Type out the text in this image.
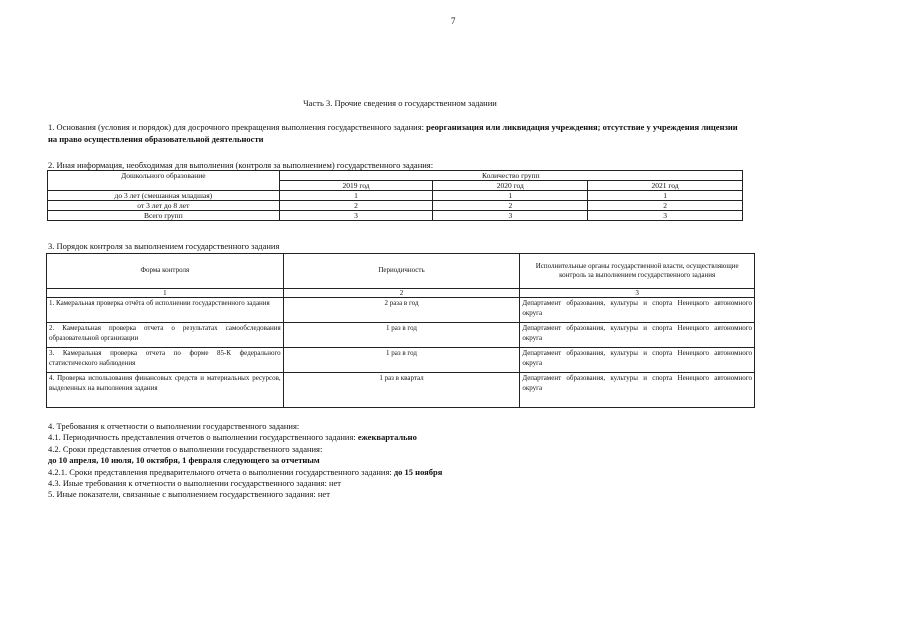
7
Часть 3. Прочие сведения о государственном задании
1. Основания (условия и порядок) для досрочного прекращения выполнения государственного задания: реорганизация или ликвидация учреждения; отсутствие у учреждения лицензии на право осуществления образовательной деятельности
2. Иная информация, необходимая для выполнения (контроля за выполнением) государственного задания:
Дошкольного образование	Количество групп		
	2019 год	2020 год	2021 год
до 3 лет (смешанная младшая)	1	1	1
от 3 лет до 8 лет	2	2	2
Всего групп	3	3	3
3. Порядок контроля за выполнением государственного задания
Форма контроля	Периодичность	Исполнительные органы государственной власти, осуществляющие контроль за выполнением государственного задания
1	2	3
1. Камеральная проверка отчёта об исполнении государственного задания	2 раза в год	Департамент образования, культуры и спорта Ненецкого автономного округа
2. Камеральная проверка отчета о результатах самообследования образовательной организации	1 раз в год	Департамент образования, культуры и спорта Ненецкого автономного округа
3. Камеральная проверка отчета по форме 85-К федерального статистического наблюдения	1 раз в год	Департамент образования, культуры и спорта Ненецкого автономного округа
4. Проверка использования финансовых средств и материальных ресурсов, выделенных на выполнения задания	1 раз в квартал	Департамент образования, культуры и спорта Ненецкого автономного округа
4. Требования к отчетности о выполнении государственного задания:
4.1. Периодичность представления отчетов о выполнении государственного задания: ежеквартально
4.2. Сроки представления отчетов о выполнении государственного задания:
до 10 апреля, 10 июля, 10 октября, 1 февраля следующего за отчетным
4.2.1. Сроки представления предварительного отчета о выполнении государственного задания: до 15 ноября
4.3. Иные требования к отчетности о выполнении государственного задания: нет
5. Иные показатели, связанные с выполнением государственного задания: нет
